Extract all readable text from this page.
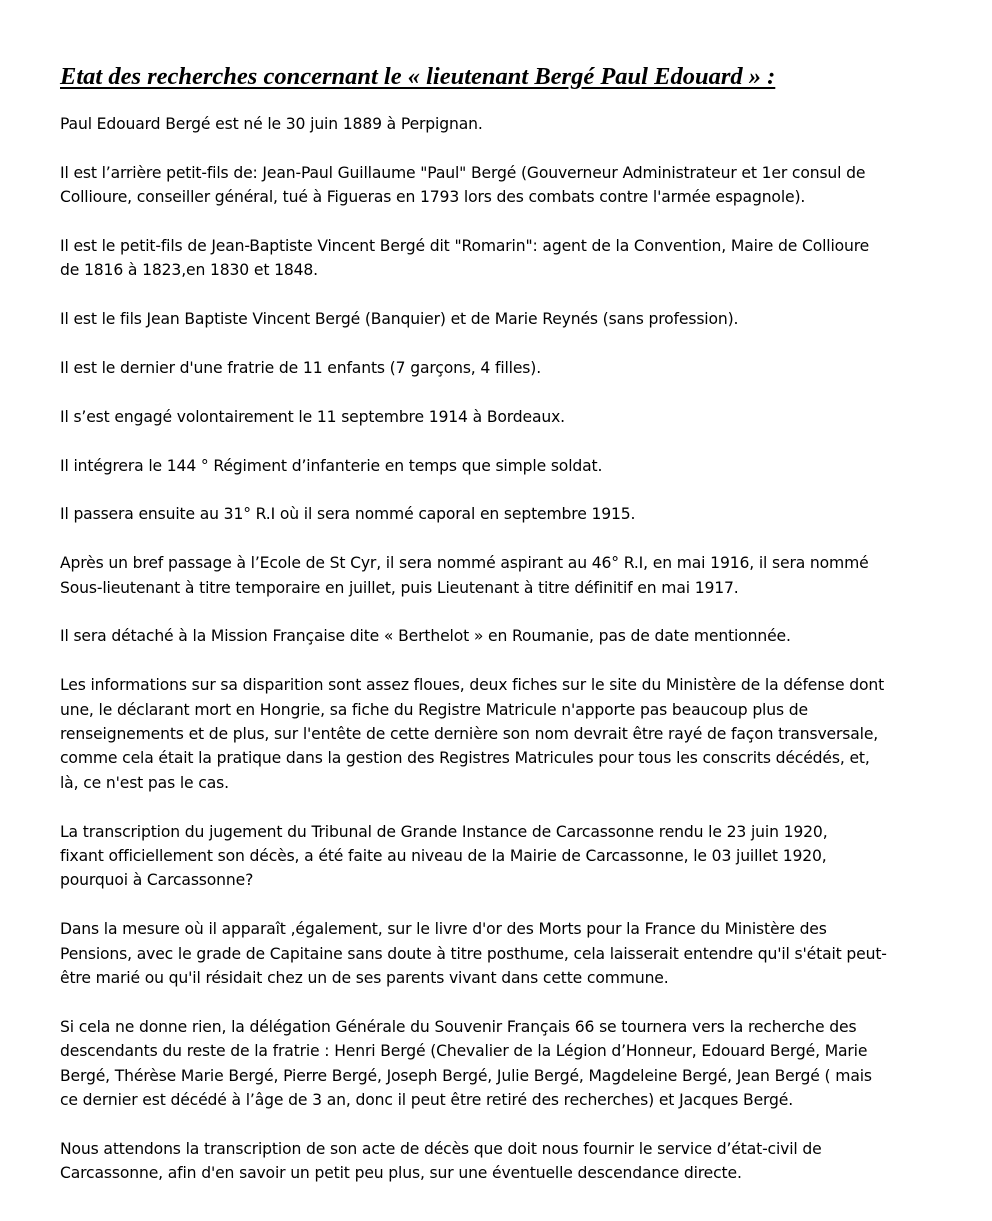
Etat des recherches concernant le « lieutenant Bergé Paul Edouard » :

Paul Edouard Bergé est né le 30 juin 1889 à Perpignan.

Il est l’arrière petit-fils de: Jean-Paul Guillaume "Paul" Bergé (Gouverneur Administrateur et 1er consul de
Collioure, conseiller général, tué à Figueras en 1793 lors des combats contre l'armée espagnole).

Il est le petit-fils de Jean-Baptiste Vincent Bergé dit "Romarin": agent de la Convention, Maire de Collioure
de 1816 à 1823,en 1830 et 1848.

Il est le fils Jean Baptiste Vincent Bergé (Banquier) et de Marie Reynés (sans profession).

Il est le dernier d'une fratrie de 11 enfants (7 garçons, 4 filles).

Il s’est engagé volontairement le 11 septembre 1914 à Bordeaux.

Il intégrera le 144 ° Régiment d’infanterie en temps que simple soldat.

Il passera ensuite au 31° R.I où il sera nommé caporal en septembre 1915.

Après un bref passage à l’Ecole de St Cyr, il sera nommé aspirant au 46° R.I, en mai 1916, il sera nommé
Sous-lieutenant à titre temporaire en juillet, puis Lieutenant à titre définitif en mai 1917.

Il sera détaché à la Mission Française dite « Berthelot » en Roumanie, pas de date mentionnée.

Les informations sur sa disparition sont assez floues, deux fiches sur le site du Ministère de la défense dont
une, le déclarant mort en Hongrie, sa fiche du Registre Matricule n'apporte pas beaucoup plus de
renseignements et de plus, sur l'entête de cette dernière son nom devrait être rayé de façon transversale,
comme cela était la pratique dans la gestion des Registres Matricules pour tous les conscrits décédés, et,
là, ce n'est pas le cas.

La transcription du jugement du Tribunal de Grande Instance de Carcassonne rendu le 23 juin 1920,
fixant officiellement son décès, a été faite au niveau de la Mairie de Carcassonne, le 03 juillet 1920,
pourquoi à Carcassonne?

Dans la mesure où il apparaît ,également, sur le livre d'or des Morts pour la France du Ministère des
Pensions, avec le grade de Capitaine sans doute à titre posthume, cela laisserait entendre qu'il s'était peut-
être marié ou qu'il résidait chez un de ses parents vivant dans cette commune.

Si cela ne donne rien, la délégation Générale du Souvenir Français 66 se tournera vers la recherche des
descendants du reste de la fratrie : Henri Bergé (Chevalier de la Légion d’Honneur, Edouard Bergé, Marie
Bergé, Thérèse Marie Bergé, Pierre Bergé, Joseph Bergé, Julie Bergé, Magdeleine Bergé, Jean Bergé ( mais
ce dernier est décédé à l’âge de 3 an, donc il peut être retiré des recherches) et Jacques Bergé.

Nous attendons la transcription de son acte de décès que doit nous fournir le service d’état-civil de
Carcassonne, afin d'en savoir un petit peu plus, sur une éventuelle descendance directe.
